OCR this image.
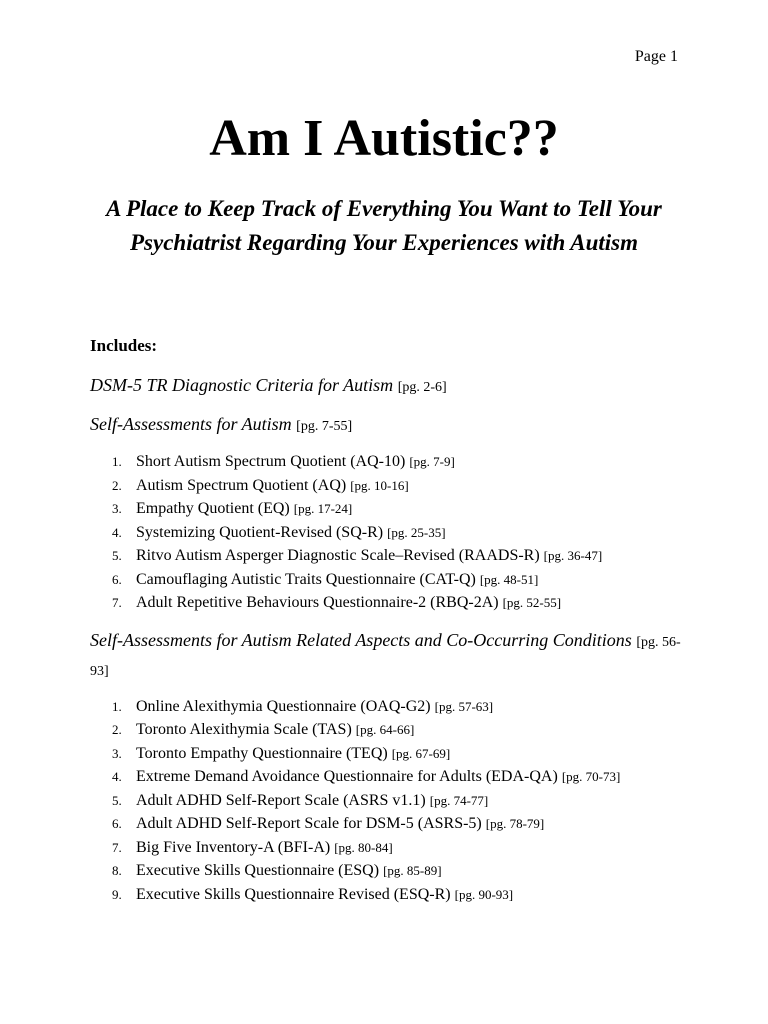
Page 1
Am I Autistic??

A Place to Keep Track of Everything You Want to Tell Your Psychiatrist Regarding Your Experiences with Autism

Includes:
DSM-5 TR Diagnostic Criteria for Autism [pg. 2-6]
Self-Assessments for Autism [pg. 7-55]
1. Short Autism Spectrum Quotient (AQ-10) [pg. 7-9]
2. Autism Spectrum Quotient (AQ) [pg. 10-16]
3. Empathy Quotient (EQ) [pg. 17-24]
4. Systemizing Quotient-Revised (SQ-R) [pg. 25-35]
5. Ritvo Autism Asperger Diagnostic Scale–Revised (RAADS-R) [pg. 36-47]
6. Camouflaging Autistic Traits Questionnaire (CAT-Q) [pg. 48-51]
7. Adult Repetitive Behaviours Questionnaire-2 (RBQ-2A) [pg. 52-55]
Self-Assessments for Autism Related Aspects and Co-Occurring Conditions [pg. 56-93]
1. Online Alexithymia Questionnaire (OAQ-G2) [pg. 57-63]
2. Toronto Alexithymia Scale (TAS) [pg. 64-66]
3. Toronto Empathy Questionnaire (TEQ) [pg. 67-69]
4. Extreme Demand Avoidance Questionnaire for Adults (EDA-QA) [pg. 70-73]
5. Adult ADHD Self-Report Scale (ASRS v1.1) [pg. 74-77]
6. Adult ADHD Self-Report Scale for DSM-5 (ASRS-5) [pg. 78-79]
7. Big Five Inventory-A (BFI-A) [pg. 80-84]
8. Executive Skills Questionnaire (ESQ) [pg. 85-89]
9. Executive Skills Questionnaire Revised (ESQ-R) [pg. 90-93]
